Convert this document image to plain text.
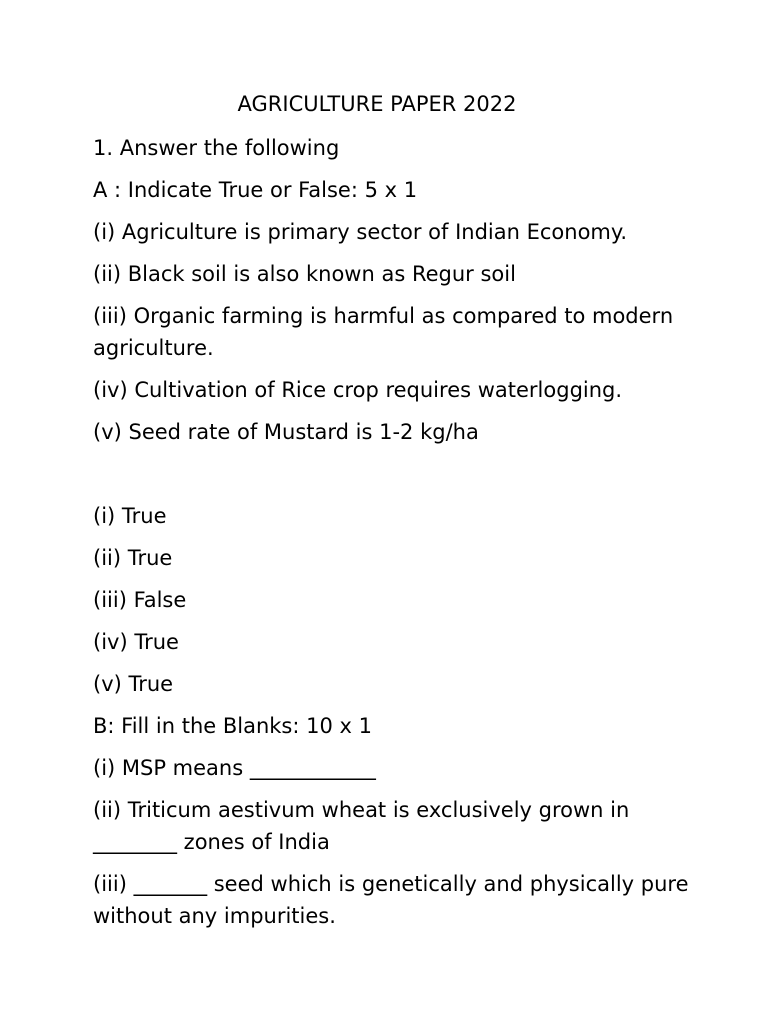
AGRICULTURE PAPER 2022
1. Answer the following
A : Indicate True or False: 5 x 1
(i) Agriculture is primary sector of Indian Economy.
(ii) Black soil is also known as Regur soil
(iii) Organic farming is harmful as compared to modern agriculture.
(iv) Cultivation of Rice crop requires waterlogging.
(v) Seed rate of Mustard is 1-2 kg/ha
(i) True
(ii) True
(iii) False
(iv) True
(v) True
B: Fill in the Blanks: 10 x 1
(i) MSP means ____________
(ii) Triticum aestivum wheat is exclusively grown in ________ zones of India
(iii) _______ seed which is genetically and physically pure without any impurities.
